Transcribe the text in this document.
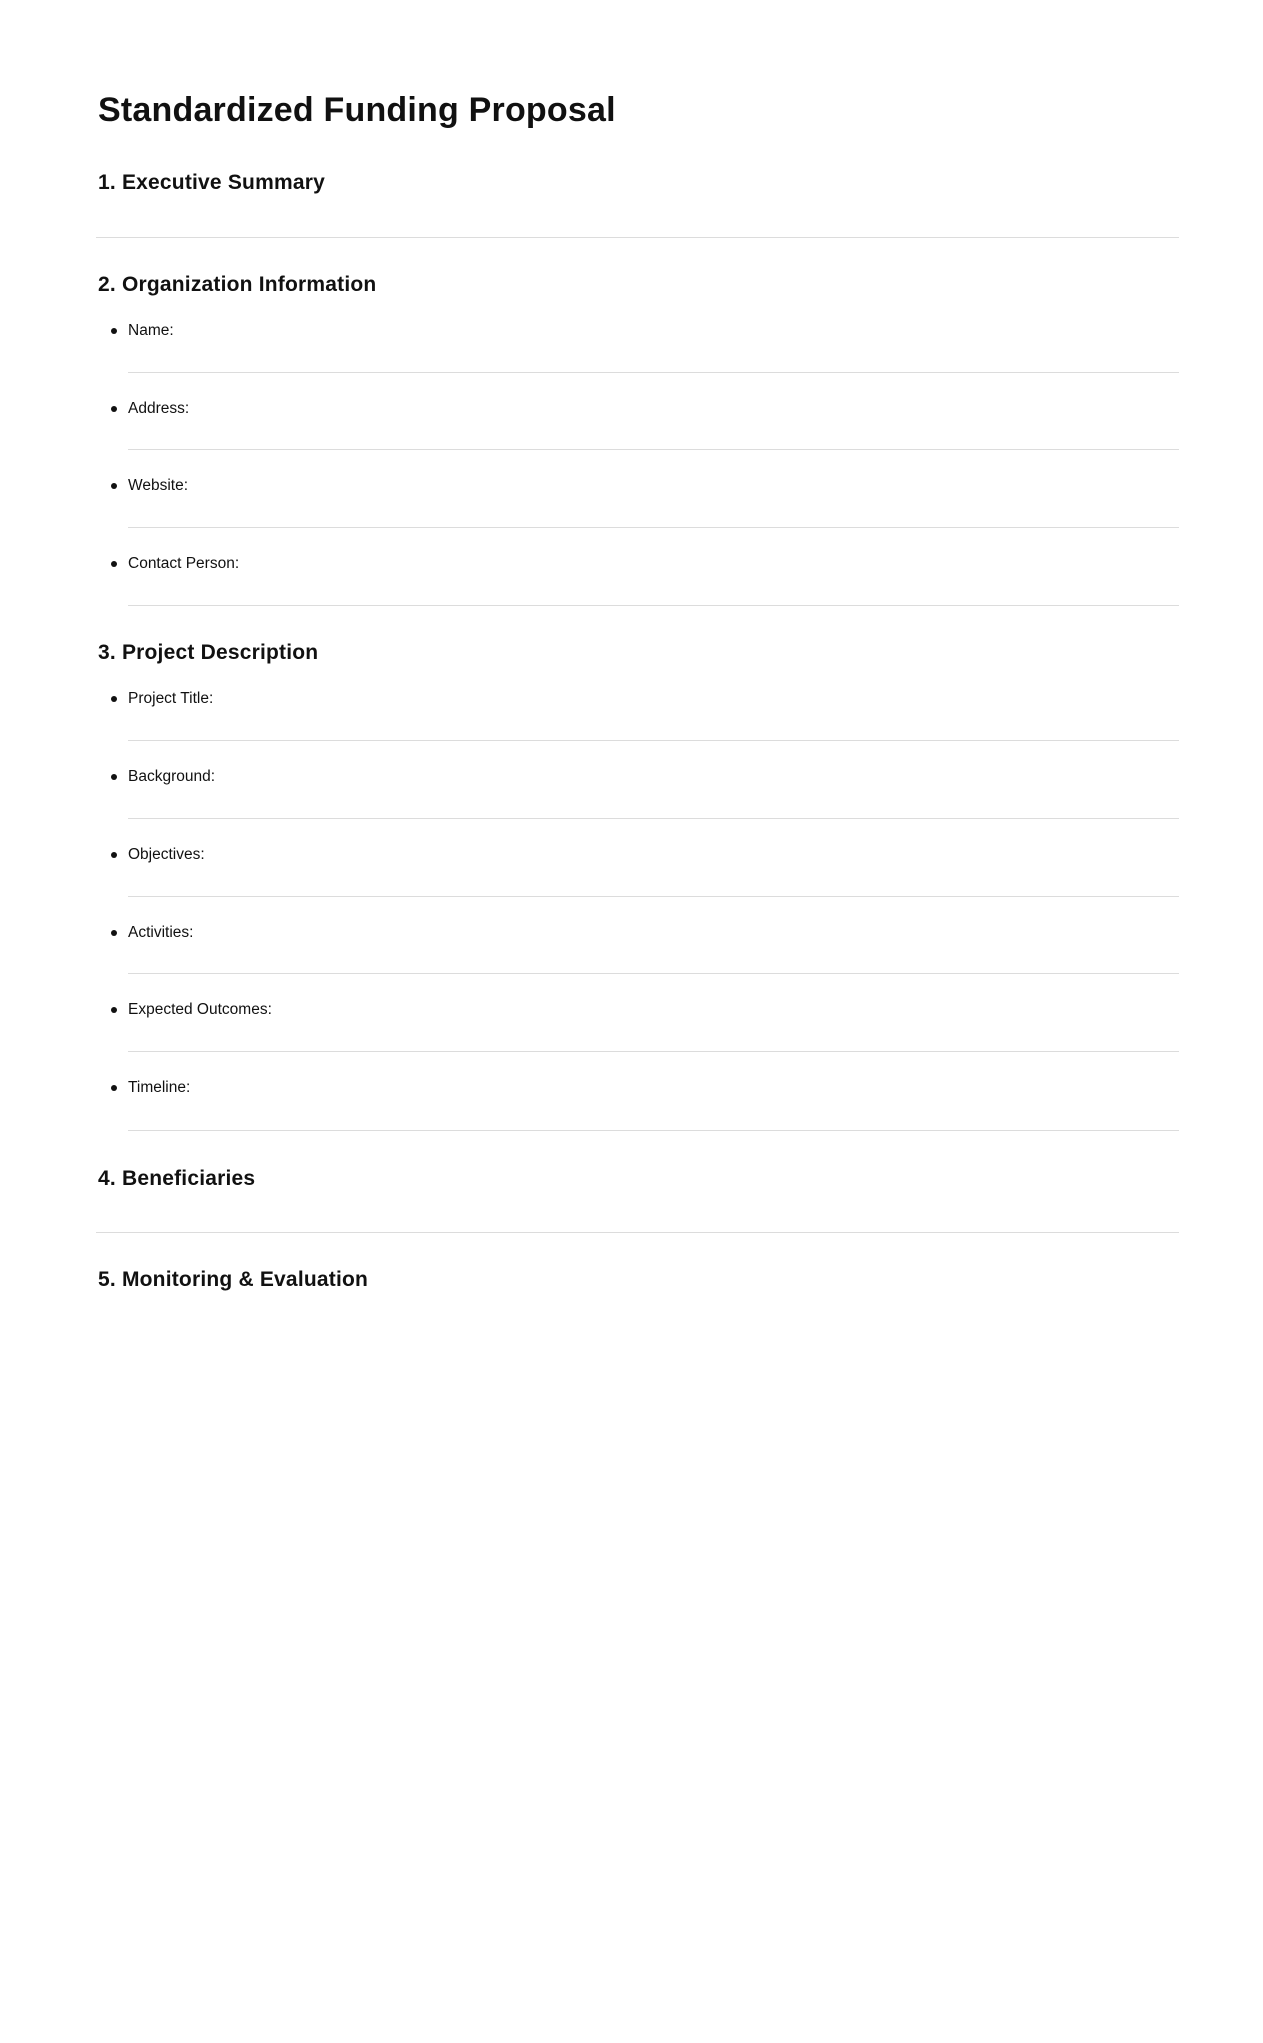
Standardized Funding Proposal
1. Executive Summary
2. Organization Information
Name:
Address:
Website:
Contact Person:
3. Project Description
Project Title:
Background:
Objectives:
Activities:
Expected Outcomes:
Timeline:
4. Beneficiaries
5. Monitoring & Evaluation
